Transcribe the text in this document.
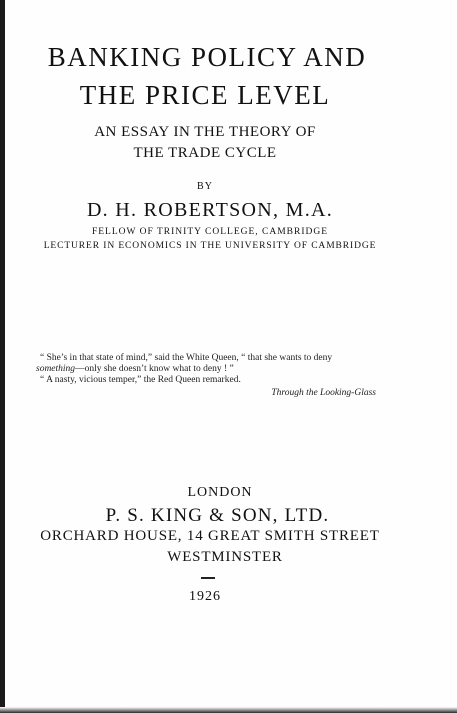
BANKING POLICY AND
THE PRICE LEVEL
AN ESSAY IN THE THEORY OF
THE TRADE CYCLE
BY
D. H. ROBERTSON, M.A.
FELLOW OF TRINITY COLLEGE, CAMBRIDGE
LECTURER IN ECONOMICS IN THE UNIVERSITY OF CAMBRIDGE
“ She’s in that state of mind,” said the White Queen, “ that she wants to deny
something—only she doesn’t know what to deny ! ”
“ A nasty, vicious temper,” the Red Queen remarked.
Through the Looking-Glass
LONDON
P. S. KING & SON, LTD.
ORCHARD HOUSE, 14 GREAT SMITH STREET
WESTMINSTER
1926
